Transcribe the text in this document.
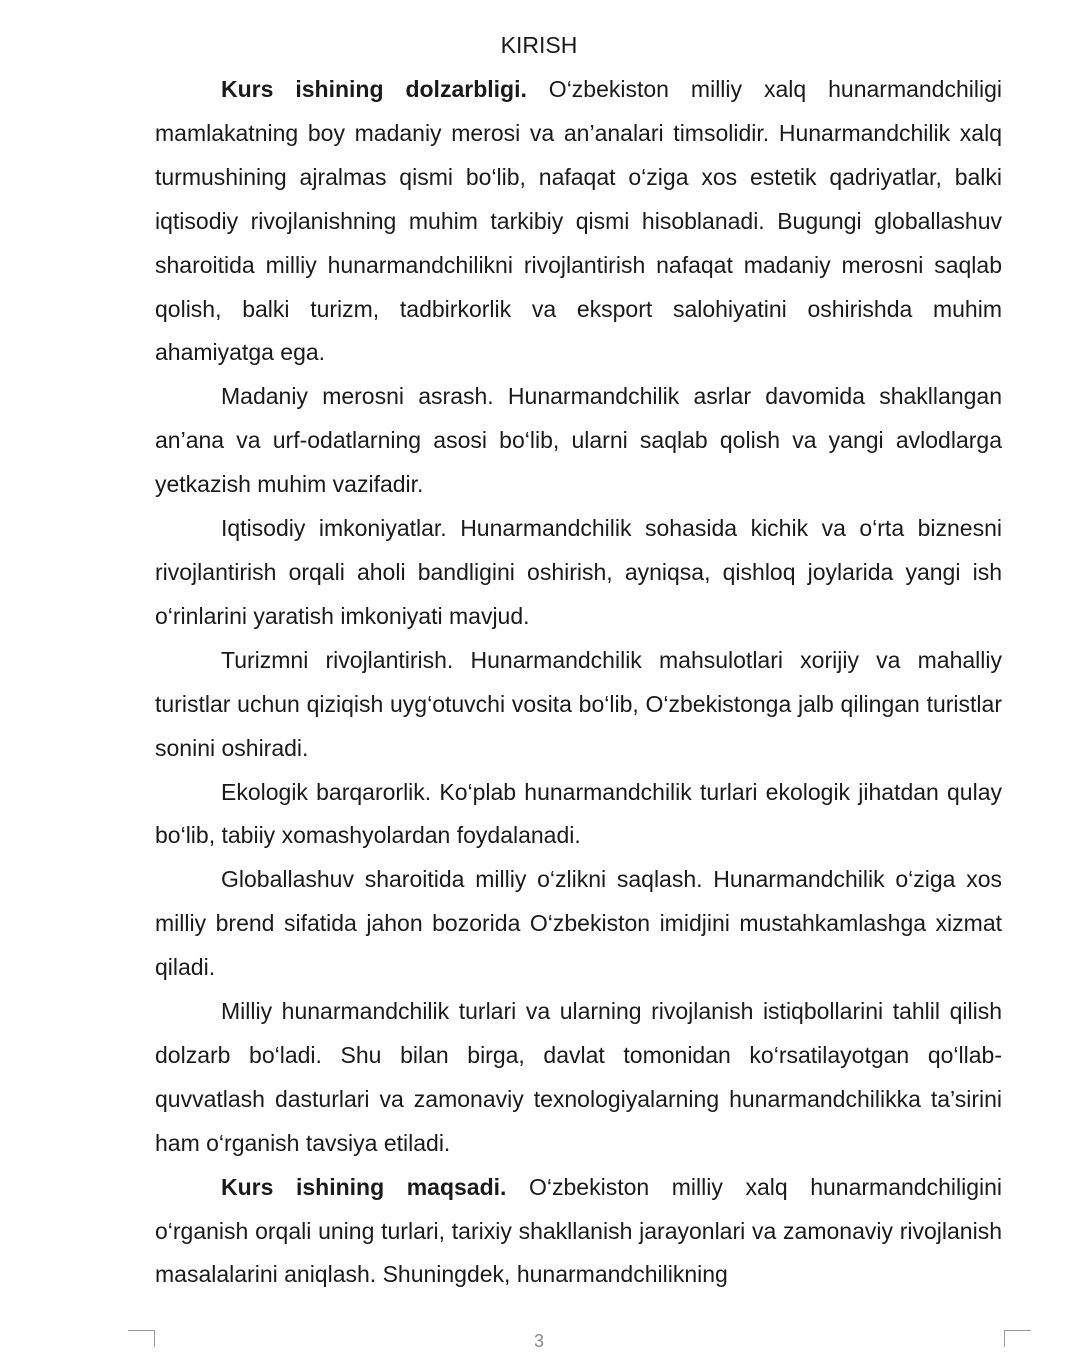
KIRISH

Kurs ishining dolzarbligi. O‘zbekiston milliy xalq hunarmandchiligi mamlakatning boy madaniy merosi va an’analari timsolidir. Hunarmandchilik xalq turmushining ajralmas qismi bo‘lib, nafaqat o‘ziga xos estetik qadriyatlar, balki iqtisodiy rivojlanishning muhim tarkibiy qismi hisoblanadi. Bugungi globallashuv sharoitida milliy hunarmandchilikni rivojlantirish nafaqat madaniy merosni saqlab qolish, balki turizm, tadbirkorlik va eksport salohiyatini oshirishda muhim ahamiyatga ega.

Madaniy merosni asrash. Hunarmandchilik asrlar davomida shakllangan an’ana va urf-odatlarning asosi bo‘lib, ularni saqlab qolish va yangi avlodlarga yetkazish muhim vazifadir.

Iqtisodiy imkoniyatlar. Hunarmandchilik sohasida kichik va o‘rta biznesni rivojlantirish orqali aholi bandligini oshirish, ayniqsa, qishloq joylarida yangi ish o‘rinlarini yaratish imkoniyati mavjud.

Turizmni rivojlantirish. Hunarmandchilik mahsulotlari xorijiy va mahalliy turistlar uchun qiziqish uyg‘otuvchi vosita bo‘lib, O‘zbekistonga jalb qilingan turistlar sonini oshiradi.

Ekologik barqarorlik. Ko‘plab hunarmandchilik turlari ekologik jihatdan qulay bo‘lib, tabiiy xomashyolardan foydalanadi.

Globallashuv sharoitida milliy o‘zlikni saqlash. Hunarmandchilik o‘ziga xos milliy brend sifatida jahon bozorida O‘zbekiston imidjini mustahkamlashga xizmat qiladi.

Milliy hunarmandchilik turlari va ularning rivojlanish istiqbollarini tahlil qilish dolzarb bo‘ladi. Shu bilan birga, davlat tomonidan ko‘rsatilayotgan qo‘llab-quvvatlash dasturlari va zamonaviy texnologiyalarning hunarmandchilikka ta’sirini ham o‘rganish tavsiya etiladi.

Kurs ishining maqsadi. O‘zbekiston milliy xalq hunarmandchiligini o‘rganish orqali uning turlari, tarixiy shakllanish jarayonlari va zamonaviy rivojlanish masalalarini aniqlash. Shuningdek, hunarmandchilikning

3
